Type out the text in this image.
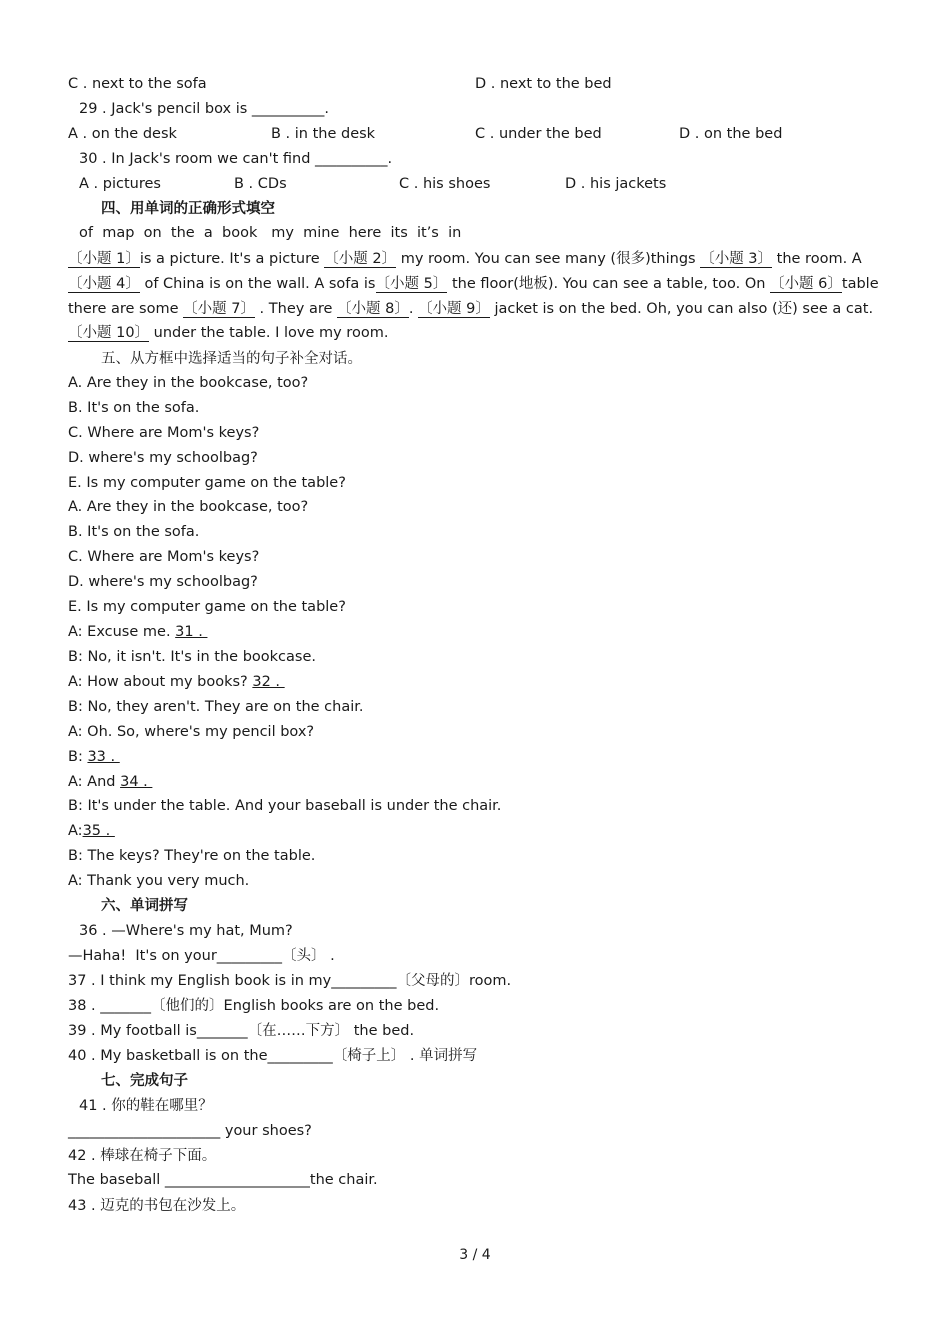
C . next to the sofa	D . next to the bed
29 . Jack's pencil box is __________.
A . on the desk	B . in the desk	C . under the bed	D . on the bed
30 . In Jack's room we can't find __________.
A . pictures	B . CDs	C . his shoes	D . his jackets
四、用单词的正确形式填空
of  map  on  the  a  book   my  mine  here  its  it’s  in
〔小题 1〕is a picture. It's a picture 〔小题 2〕 my room. You can see many (很多)things 〔小题 3〕 the room. A
〔小题 4〕 of China is on the wall. A sofa is〔小题 5〕 the floor(地板). You can see a table, too. On 〔小题 6〕table
there are some 〔小题 7〕 . They are 〔小题 8〕. 〔小题 9〕 jacket is on the bed. Oh, you can also (还) see a cat.
〔小题 10〕 under the table. I love my room.
五、从方框中选择适当的句子补全对话。
A. Are they in the bookcase, too?
B. It's on the sofa.
C. Where are Mom's keys?
D. where's my schoolbag?
E. Is my computer game on the table?
A. Are they in the bookcase, too?
B. It's on the sofa.
C. Where are Mom's keys?
D. where's my schoolbag?
E. Is my computer game on the table?
A: Excuse me. 31 .
B: No, it isn't. It's in the bookcase.
A: How about my books? 32 .
B: No, they aren't. They are on the chair.
A: Oh. So, where's my pencil box?
B: 33 .
A: And 34 .
B: It's under the table. And your baseball is under the chair.
A:35 .
B: The keys? They're on the table.
A: Thank you very much.
六、单词拼写
36 . —Where's my hat, Mum?
—Haha!  It's on your_________〔头〕 .
37 . I think my English book is in my_________〔父母的〕room.
38 . _______〔他们的〕English books are on the bed.
39 . My football is_______〔在……下方〕 the bed.
40 . My basketball is on the_________〔椅子上〕 . 单词拼写
七、完成句子
41 . 你的鞋在哪里？
_____________________ your shoes?
42 . 棒球在椅子下面。
The baseball ____________________the chair.
43 . 迈克的书包在沙发上。
3 / 4
